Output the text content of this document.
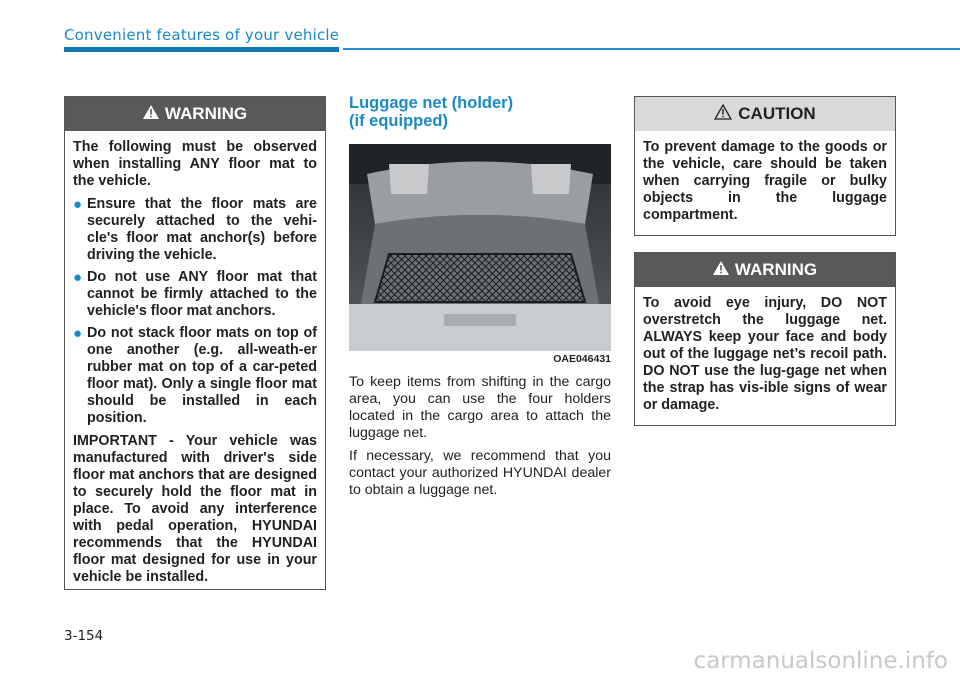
Convenient features of your vehicle
WARNING

The following must be observed when installing ANY floor mat to the vehicle.

● Ensure that the floor mats are securely attached to the vehi-cle's floor mat anchor(s) before driving the vehicle.
● Do not use ANY floor mat that cannot be firmly attached to the vehicle's floor mat anchors.
● Do not stack floor mats on top of one another (e.g. all-weath-er rubber mat on top of a car-peted floor mat). Only a single floor mat should be installed in each position.

IMPORTANT - Your vehicle was manufactured with driver's side floor mat anchors that are designed to securely hold the floor mat in place. To avoid any interference with pedal operation, HYUNDAI recommends that the HYUNDAI floor mat designed for use in your vehicle be installed.

Luggage net (holder)
(if equipped)
OAE046431

To keep items from shifting in the cargo area, you can use the four holders located in the cargo area to attach the luggage net.

If necessary, we recommend that you contact your authorized HYUNDAI dealer to obtain a luggage net.

CAUTION

To prevent damage to the goods or the vehicle, care should be taken when carrying fragile or bulky objects in the luggage compartment.

WARNING

To avoid eye injury, DO NOT overstretch the luggage net. ALWAYS keep your face and body out of the luggage net’s recoil path. DO NOT use the lug-gage net when the strap has vis-ible signs of wear or damage.

3-154
carmanualsonline.info
